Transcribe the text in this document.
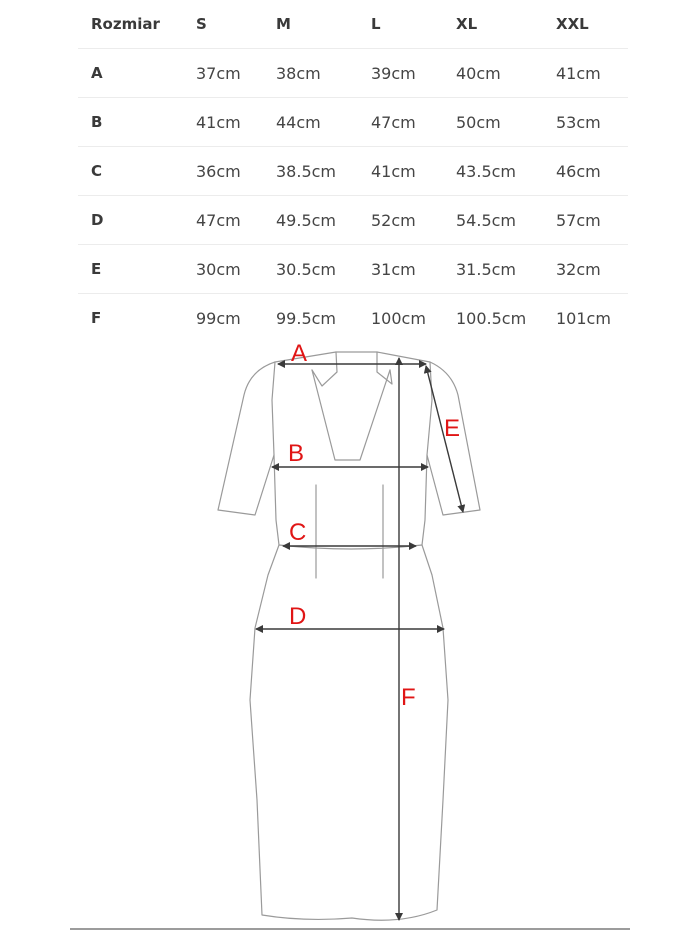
Rozmiar	S	M	L	XL	XXL
A	37cm	38cm	39cm	40cm	41cm
B	41cm	44cm	47cm	50cm	53cm
C	36cm	38.5cm	41cm	43.5cm	46cm
D	47cm	49.5cm	52cm	54.5cm	57cm
E	30cm	30.5cm	31cm	31.5cm	32cm
F	99cm	99.5cm	100cm	100.5cm	101cm
A
E
B
C
D
F
